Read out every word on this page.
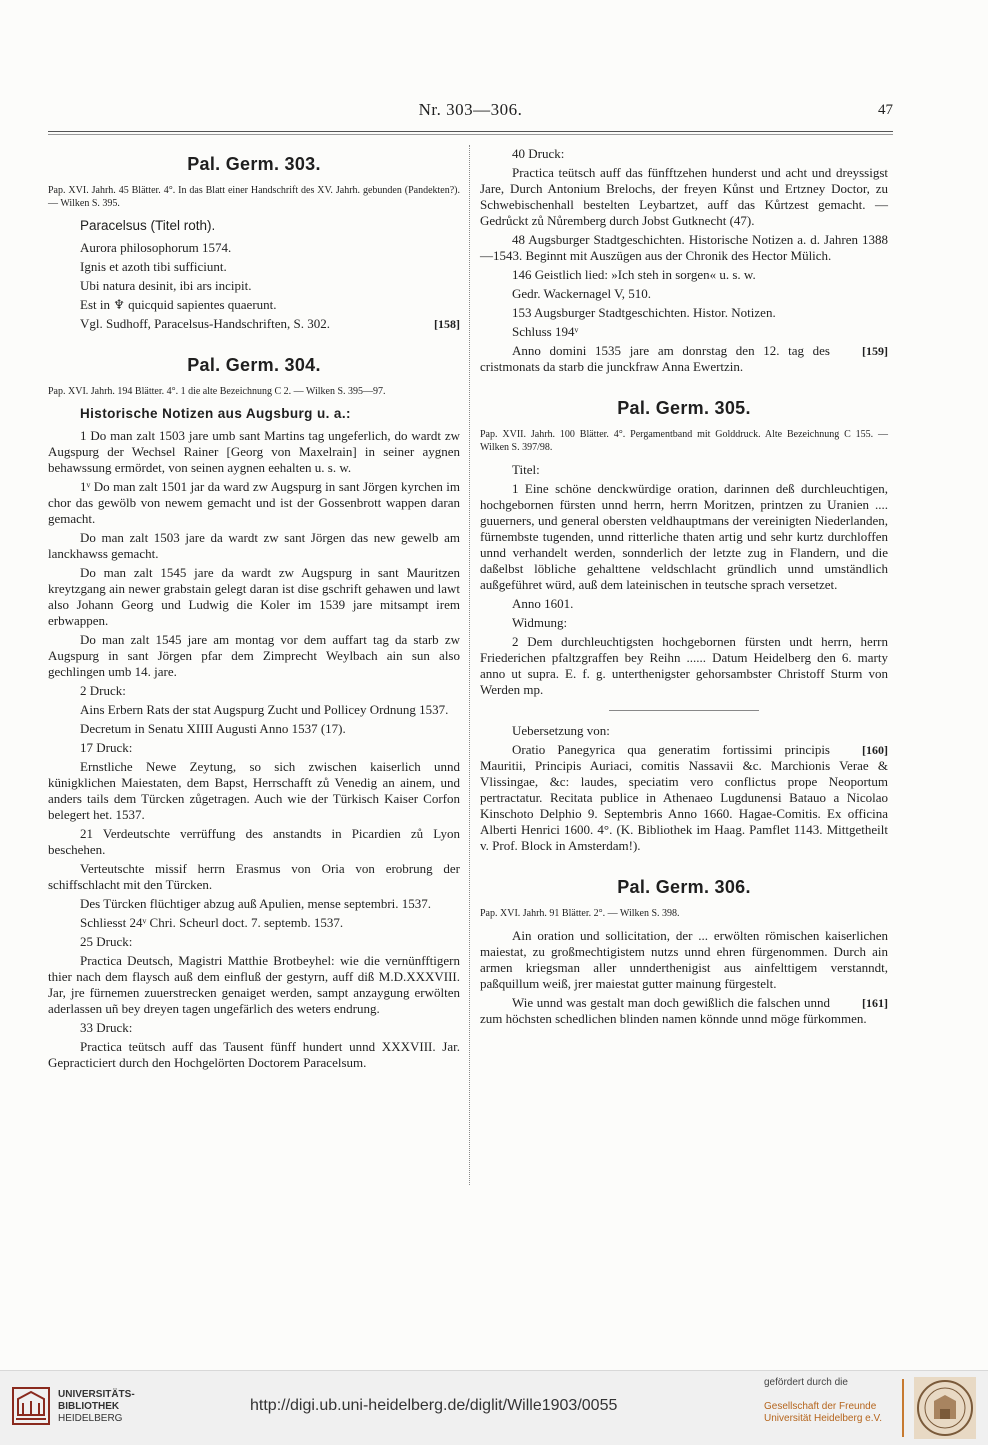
Nr. 303—306.	47
Pal. Germ. 303.

Pap. XVI. Jahrh. 45 Blätter. 4°. In das Blatt einer Handschrift des XV. Jahrh. gebunden (Pandekten?). — Wilken S. 395.

Paracelsus (Titel roth).

Aurora philosophorum 1574.

Ignis et azoth tibi sufficiunt.

Ubi natura desinit, ibi ars incipit.

Est in ♆ quicquid sapientes quaerunt.

[158]
Vgl. Sudhoff, Paracelsus-Handschriften, S. 302.

Pal. Germ. 304.

Pap. XVI. Jahrh. 194 Blätter. 4°. 1 die alte Bezeichnung C 2. — Wilken S. 395—97.

Historische Notizen aus Augsburg u. a.:

1 Do man zalt 1503 jare umb sant Martins tag ungeferlich, do wardt zw Augspurg der Wechsel Rainer [Georg von Maxelrain] in seiner aygnen behawssung ermördet, von seinen aygnen eehalten u. s. w.

1ᵛ Do man zalt 1501 jar da ward zw Augspurg in sant Jörgen kyrchen im chor das gewölb von newem gemacht und ist der Gossenbrott wappen daran gemacht.

Do man zalt 1503 jare da wardt zw sant Jörgen das new gewelb am lanckhawss gemacht.

Do man zalt 1545 jare da wardt zw Augspurg in sant Mauritzen kreytzgang ain newer grabstain gelegt daran ist dise gschrift gehawen und lawt also Johann Georg und Ludwig die Koler im 1539 jare mitsampt irem erbwappen.

Do man zalt 1545 jare am montag vor dem auffart tag da starb zw Augspurg in sant Jörgen pfar dem Zimprecht Weylbach ain sun also gechlingen umb 14. jare.

2 Druck:

Ains Erbern Rats der stat Augspurg Zucht und Pollicey Ordnung 1537.

Decretum in Senatu XIIII Augusti Anno 1537 (17).

17 Druck:

Ernstliche Newe Zeytung, so sich zwischen kaiserlich unnd künigklichen Maiestaten, dem Bapst, Herrschafft zů Venedig an ainem, und anders tails dem Türcken zůgetragen. Auch wie der Türkisch Kaiser Corfon belegert het. 1537.

21 Verdeutschte verrüffung des anstandts in Picardien zů Lyon beschehen.

Verteutschte missif herrn Erasmus von Oria von erobrung der schiffschlacht mit den Türcken.

Des Türcken flüchtiger abzug auß Apulien, mense septembri. 1537.

Schliesst 24ᵛ Chri. Scheurl doct. 7. septemb. 1537.

25 Druck:

Practica Deutsch, Magistri Matthie Brotbeyhel: wie die vernünfftigern thier nach dem flaysch auß dem einfluß der gestyrn, auff diß M.D.XXXVIII. Jar, jre fürnemen zuuerstrecken genaiget werden, sampt anzaygung erwölten aderlassen uñ bey dreyen tagen ungefärlich des weters endrung.

33 Druck:

Practica teütsch auff das Tausent fünff hundert unnd XXXVIII. Jar. Gepracticiert durch den Hochgelörten Doctorem Paracelsum.

40 Druck:

Practica teütsch auff das fünfftzehen hunderst und acht und dreyssigst Jare, Durch Antonium Brelochs, der freyen Kůnst und Ertzney Doctor, zu Schwebischenhall bestelten Leybartzet, auff das Kůrtzest gemacht. — Gedrůckt zů Nůremberg durch Jobst Gutknecht (47).

48 Augsburger Stadtgeschichten. Historische Notizen a. d. Jahren 1388—1543. Beginnt mit Auszügen aus der Chronik des Hector Mülich.

146 Geistlich lied: »Ich steh in sorgen« u. s. w.

Gedr. Wackernagel V, 510.

153 Augsburger Stadtgeschichten. Histor. Notizen.

Schluss 194ᵛ

[159]
Anno domini 1535 jare am donrstag den 12. tag des cristmonats da starb die junckfraw Anna Ewertzin.

Pal. Germ. 305.

Pap. XVII. Jahrh. 100 Blätter. 4°. Pergamentband mit Golddruck. Alte Bezeichnung C 155. — Wilken S. 397/98.

Titel:

1 Eine schöne denckwürdige oration, darinnen deß durchleuchtigen, hochgebornen fürsten unnd herrn, herrn Moritzen, printzen zu Uranien .... guuerners, und general obersten veldhauptmans der vereinigten Niederlanden, fürnembste tugenden, unnd ritterliche thaten artig und sehr kurtz durchloffen unnd verhandelt werden, sonnderlich der letzte zug in Flandern, und die daßelbst löbliche gehalttene veldschlacht gründlich unnd umständlich außgeführet würd, auß dem lateinischen in teutsche sprach versetzet.

Anno 1601.

Widmung:

2 Dem durchleuchtigsten hochgebornen fürsten undt herrn, herrn Friederichen pfaltzgraffen bey Reihn ...... Datum Heidelberg den 6. marty anno ut supra. E. f. g. unterthenigster gehorsambster Christoff Sturm von Werden mp.

Uebersetzung von:

[160]
Oratio Panegyrica qua generatim fortissimi principis Mauritii, Principis Auriaci, comitis Nassavii &c. Marchionis Verae & Vlissingae, &c: laudes, speciatim vero conflictus prope Neoportum pertractatur. Recitata publice in Athenaeo Lugdunensi Batauo a Nicolao Kinschoto Delphio 9. Septembris Anno 1660. Hagae-Comitis. Ex officina Alberti Henrici 1600. 4°. (K. Bibliothek im Haag. Pamflet 1143. Mittgetheilt v. Prof. Block in Amsterdam!).

Pal. Germ. 306.

Pap. XVI. Jahrh. 91 Blätter. 2°. — Wilken S. 398.

Ain oration und sollicitation, der ... erwölten römischen kaiserlichen maiestat, zu großmechtigistem nutzs unnd ehren fürgenommen. Durch ain armen kriegsman aller unnderthenigist aus ainfelttigem verstanndt, paßquillum weiß, jrer maiestat gutter mainung fürgestelt.

[161]
Wie unnd was gestalt man doch gewißlich die falschen unnd zum höchsten schedlichen blinden namen könnde unnd möge fürkommen.

UNIVERSITÄTS-
BIBLIOTHEK
HEIDELBERG
http://digi.ub.uni-heidelberg.de/diglit/Wille1903/0055
gefördert durch die
Gesellschaft der Freunde
Universität Heidelberg e.V.
